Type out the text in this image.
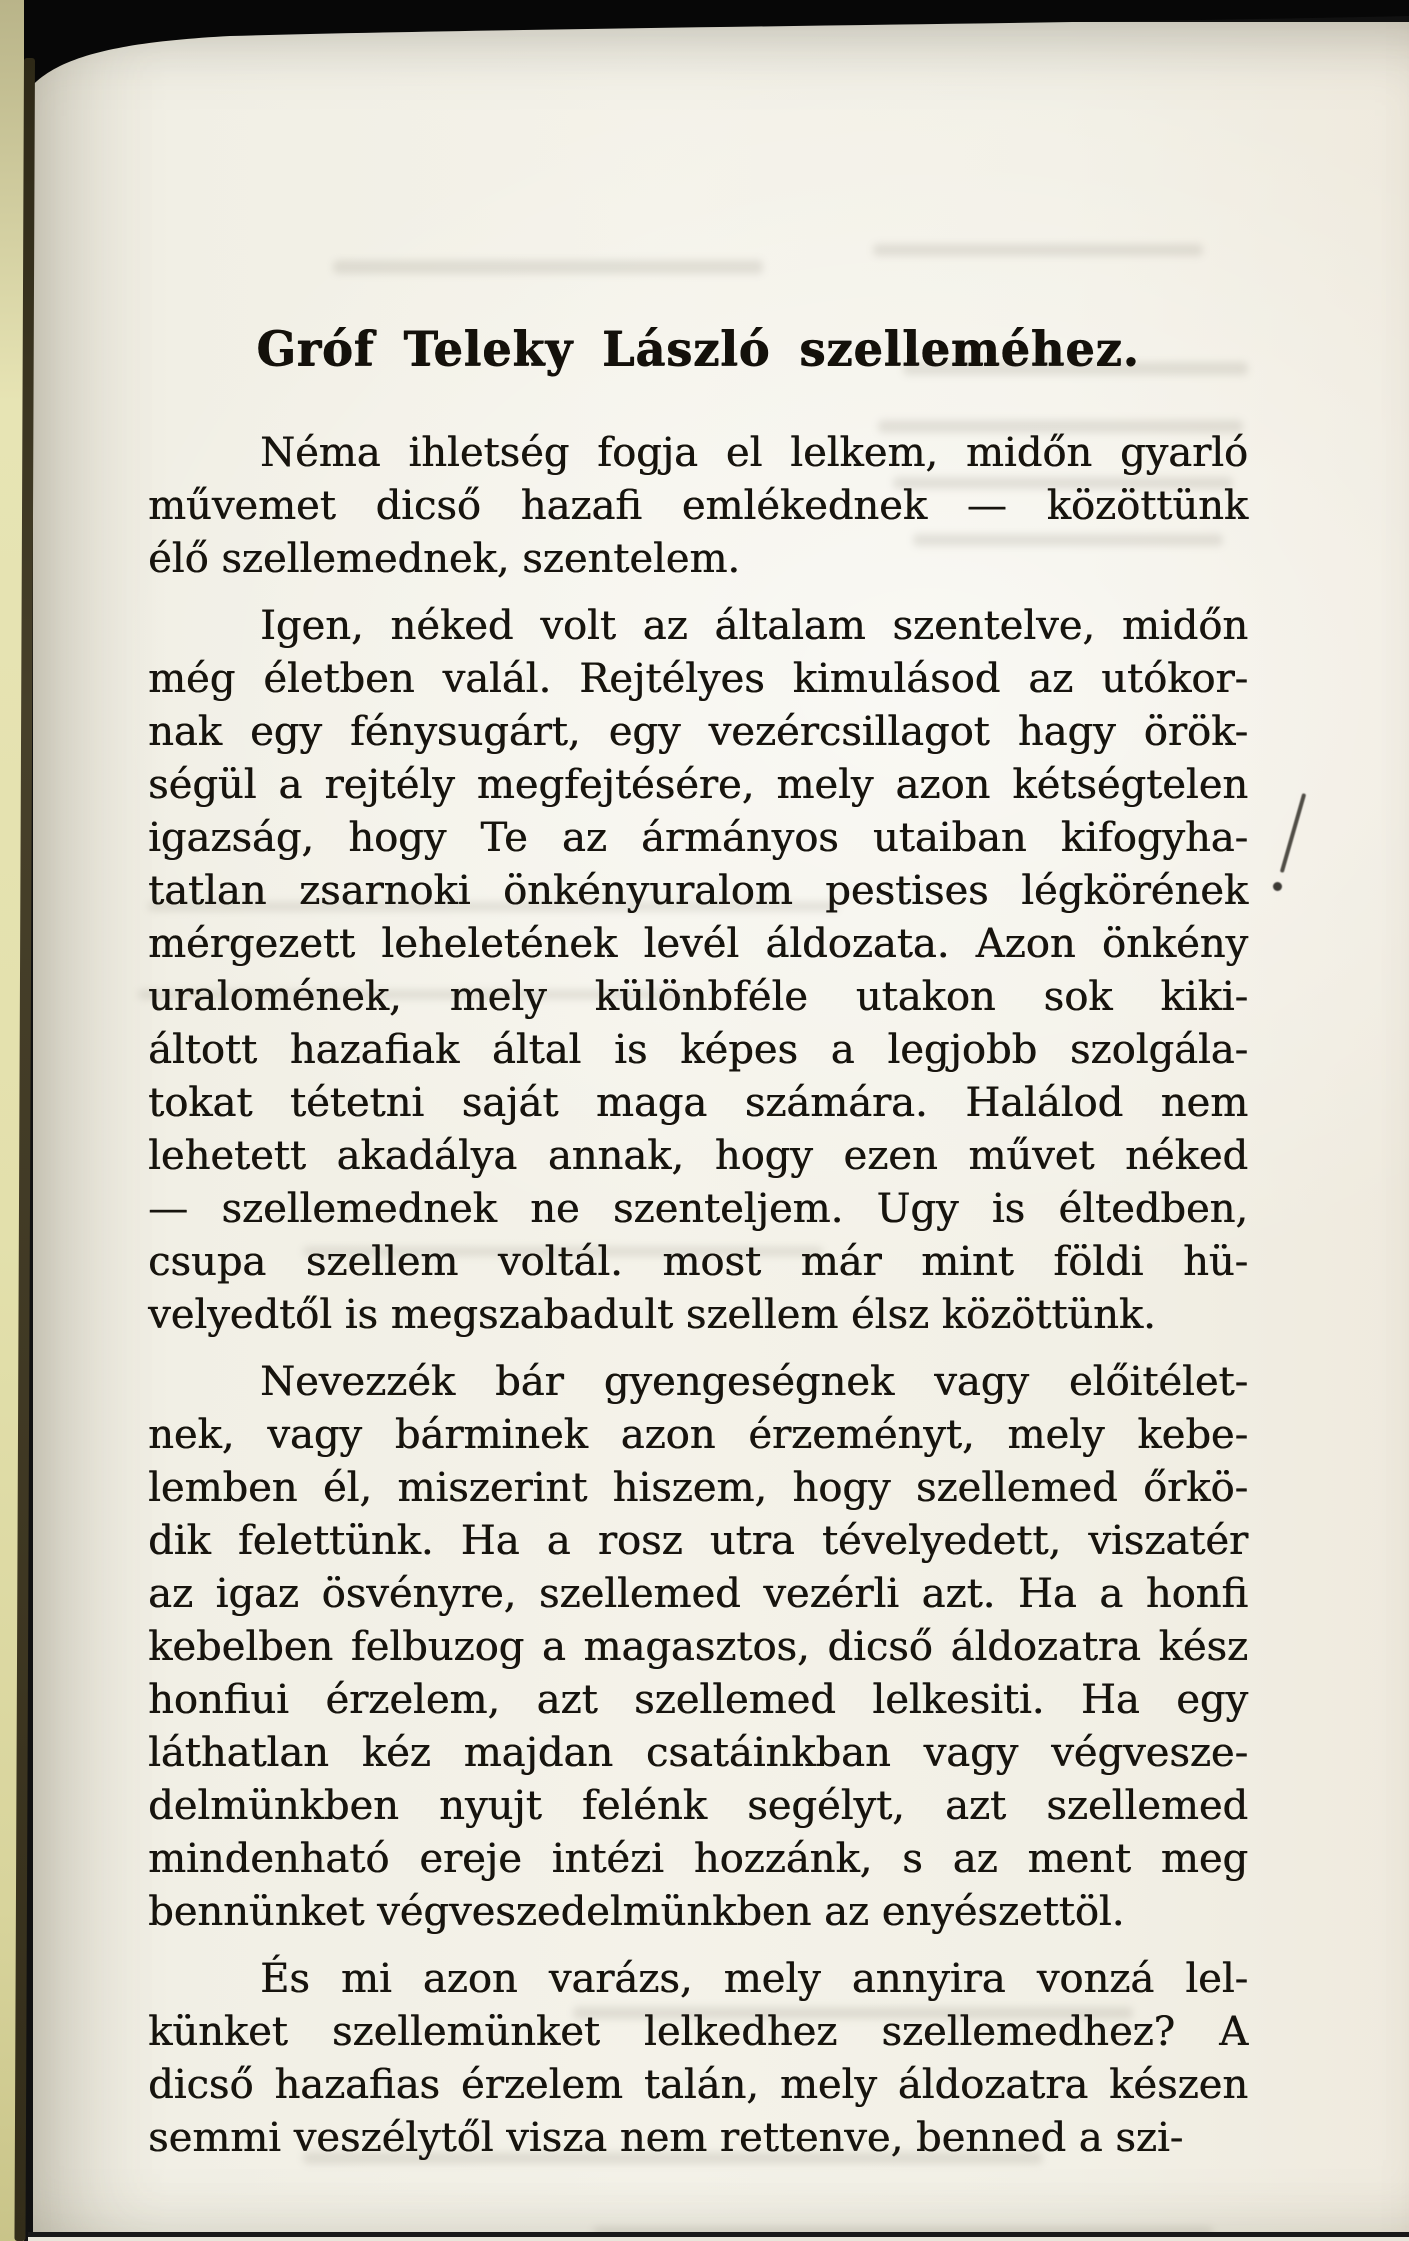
Gróf Teleky László szelleméhez.
Néma ihletség fogja el lelkem, midőn gyarló
művemet dicső hazafi emlékednek — közöttünk
élő szellemednek, szentelem.
Igen, néked volt az általam szentelve, midőn
még életben valál. Rejtélyes kimulásod az utókor-
nak egy fénysugárt, egy vezércsillagot hagy örök-
ségül a rejtély megfejtésére, mely azon kétségtelen
igazság, hogy Te az ármányos utaiban kifogyha-
tatlan zsarnoki önkényuralom pestises légkörének
mérgezett leheletének levél áldozata. Azon önkény
uralomének, mely különbféle utakon sok kiki-
áltott hazafiak által is képes a legjobb szolgála-
tokat tétetni saját maga számára. Halálod nem
lehetett akadálya annak, hogy ezen művet néked
— szellemednek ne szenteljem. Ugy is éltedben,
csupa szellem voltál. most már mint földi hü-
velyedtől is megszabadult szellem élsz közöttünk.
Nevezzék bár gyengeségnek vagy előitélet-
nek, vagy bárminek azon érzeményt, mely kebe-
lemben él, miszerint hiszem, hogy szellemed őrkö-
dik felettünk. Ha a rosz utra tévelyedett, viszatér
az igaz ösvényre, szellemed vezérli azt. Ha a honfi
kebelben felbuzog a magasztos, dicső áldozatra kész
honfiui érzelem, azt szellemed lelkesiti. Ha egy
láthatlan kéz majdan csatáinkban vagy végvesze-
delmünkben nyujt felénk segélyt, azt szellemed
mindenható ereje intézi hozzánk, s az ment meg
bennünket végveszedelmünkben az enyészettöl.
És mi azon varázs, mely annyira vonzá lel-
künket szellemünket lelkedhez szellemedhez? A
dicső hazafias érzelem talán, mely áldozatra készen
semmi veszélytől visza nem rettenve, benned a szi-
